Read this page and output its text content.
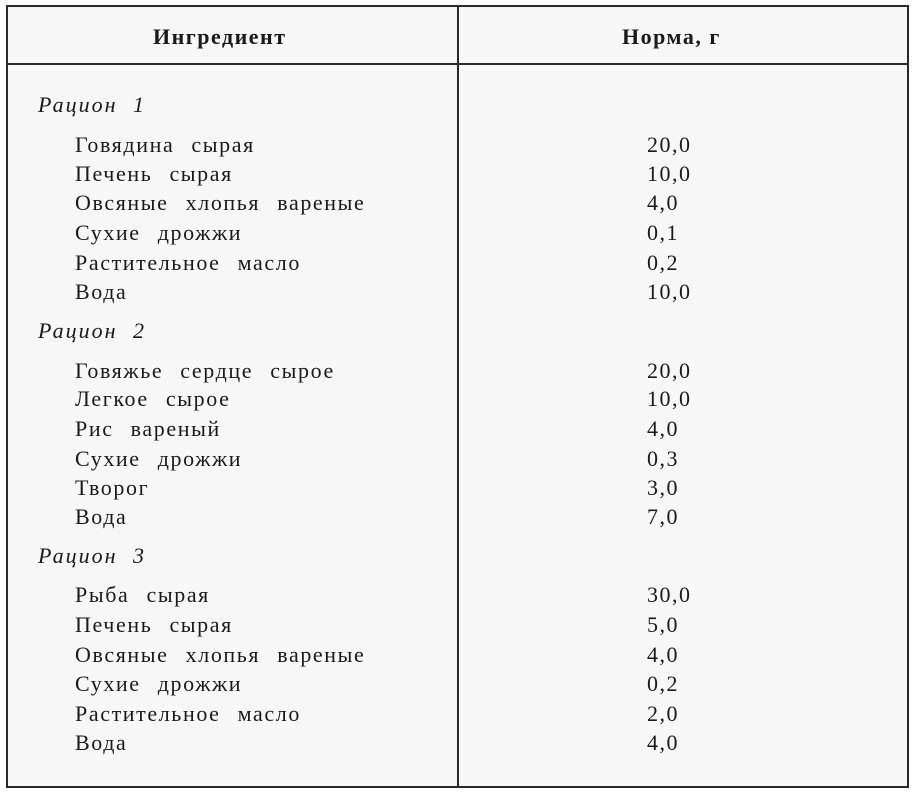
Ингредиент	Норма, г
Рацион 1
Говядина сырая	20,0
Печень сырая	10,0
Овсяные хлопья вареные	4,0
Сухие дрожжи	0,1
Растительное масло	0,2
Вода	10,0
Рацион 2
Говяжье сердце сырое	20,0
Легкое сырое	10,0
Рис вареный	4,0
Сухие дрожжи	0,3
Творог	3,0
Вода	7,0
Рацион 3
Рыба сырая	30,0
Печень сырая	5,0
Овсяные хлопья вареные	4,0
Сухие дрожжи	0,2
Растительное масло	2,0
Вода	4,0
